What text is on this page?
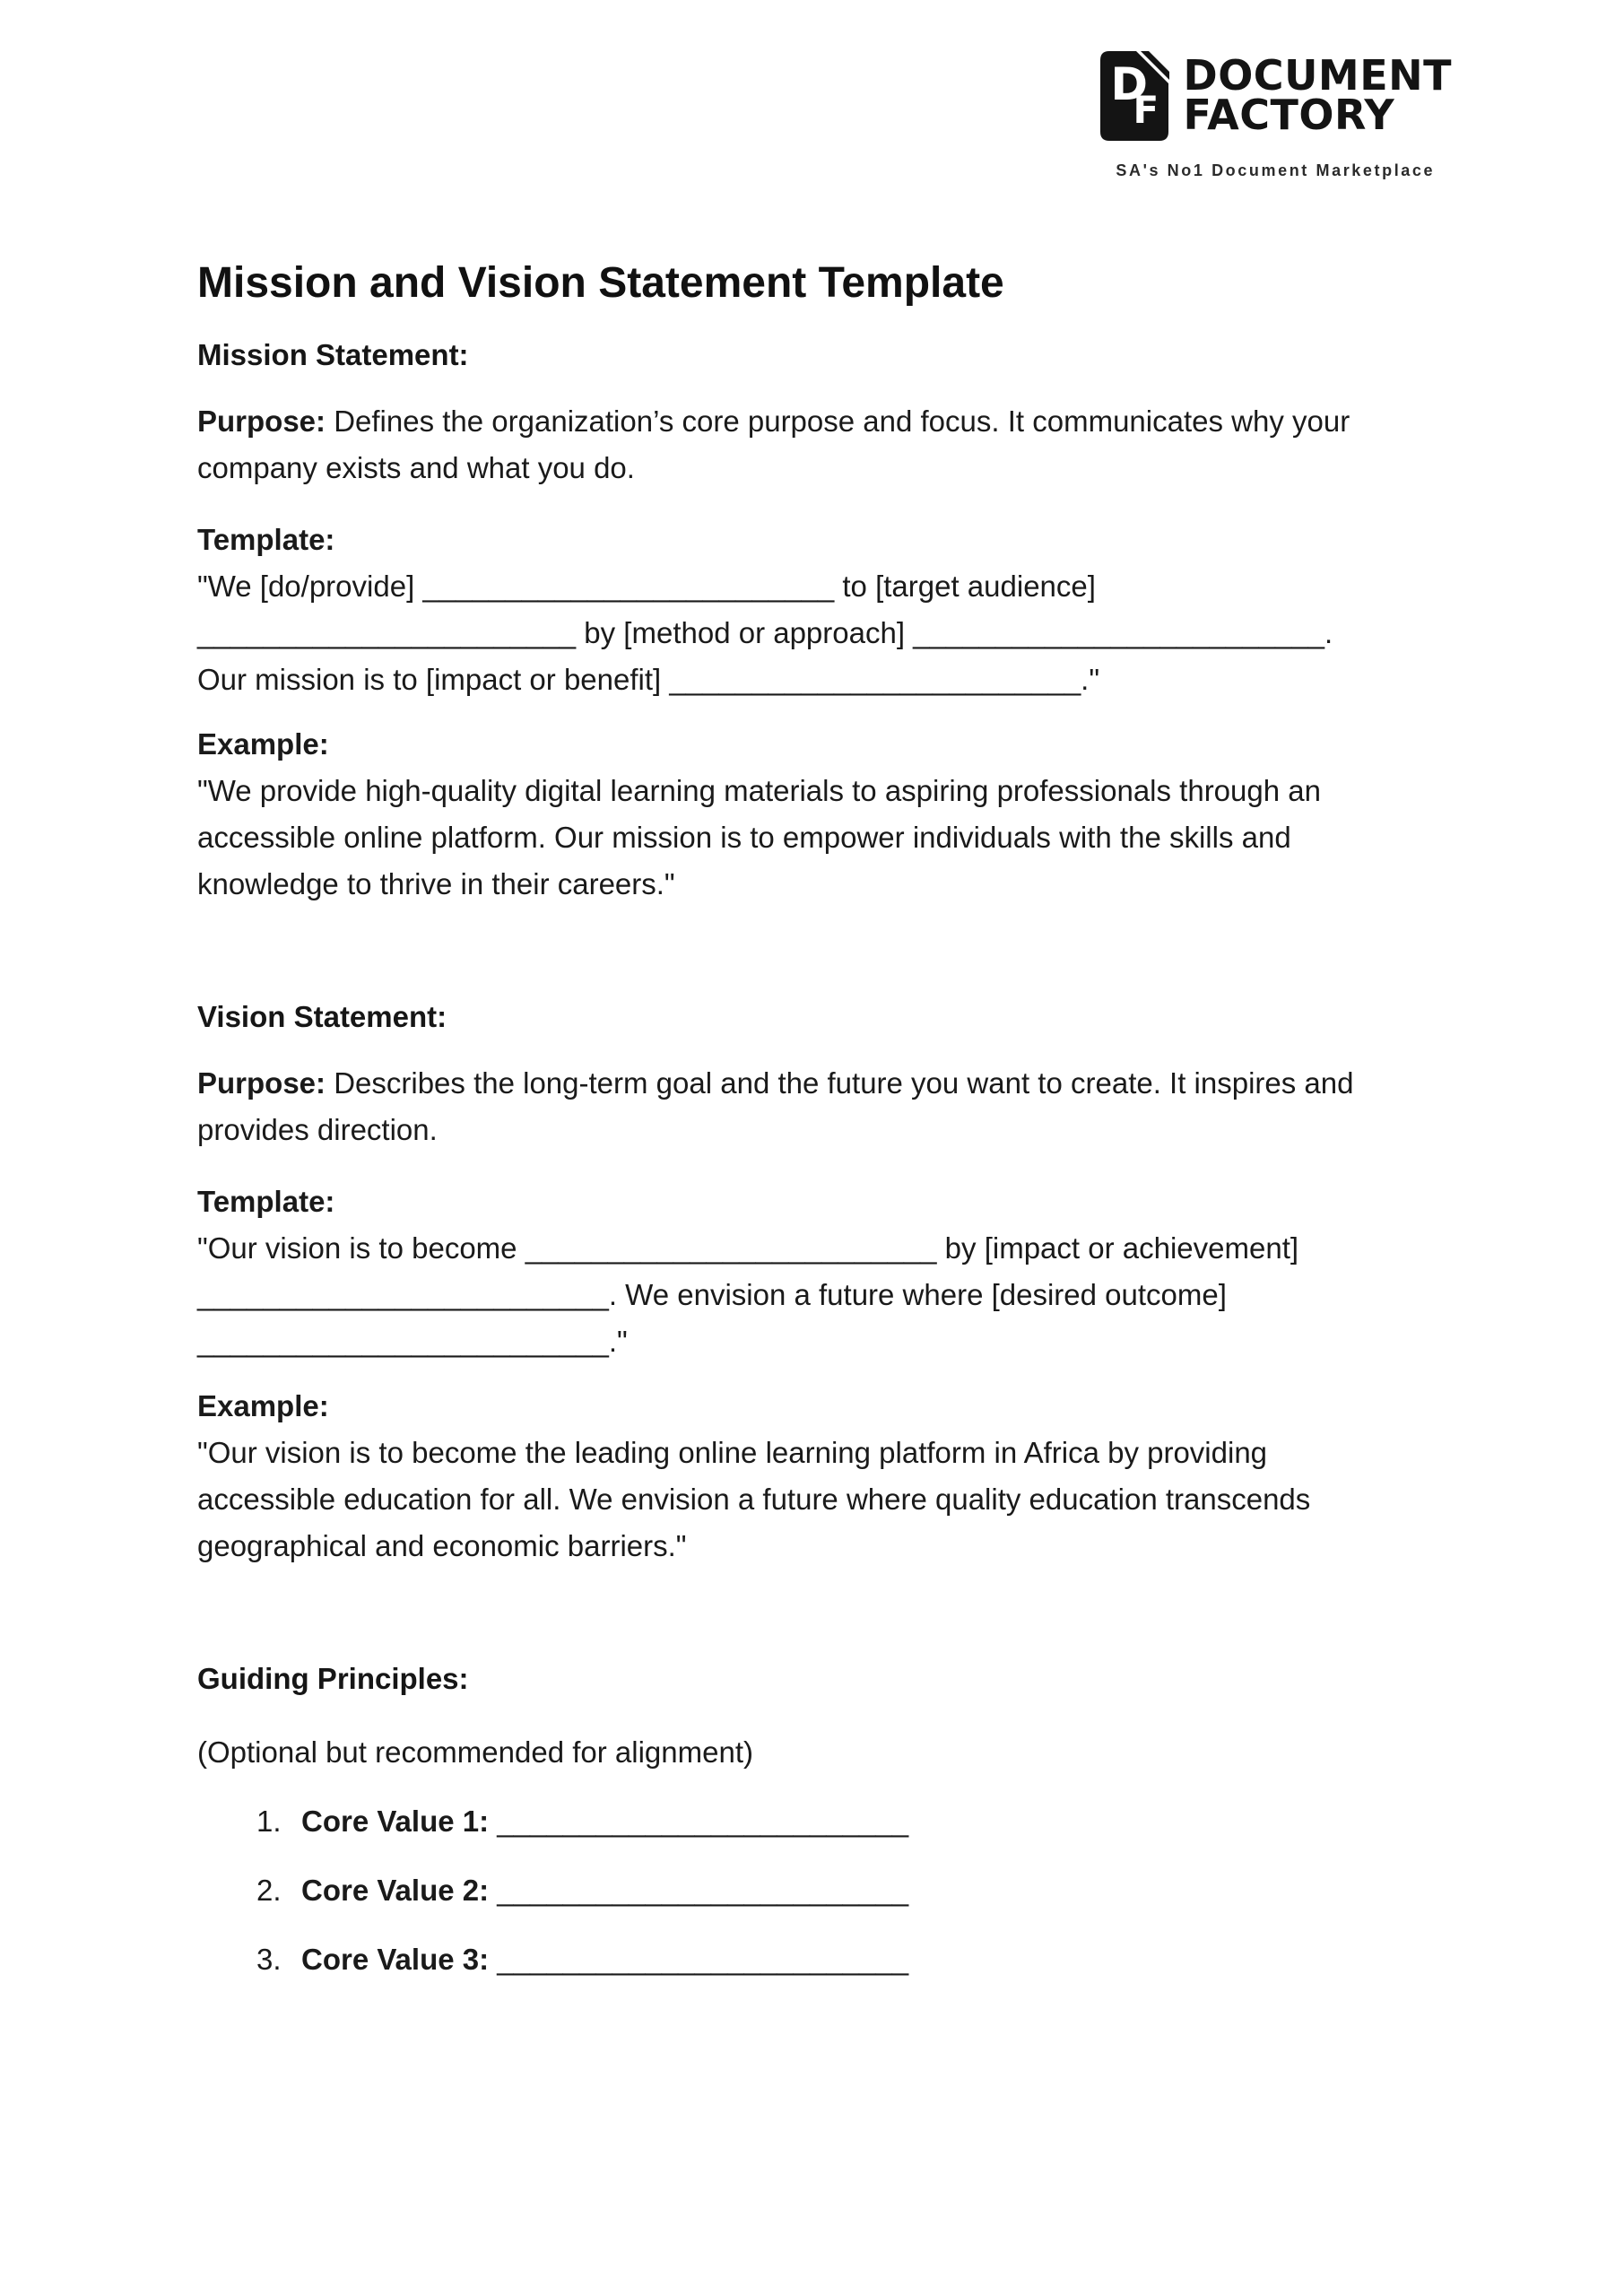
D
F
DOCUMENT
FACTORY
SA's No1 Document Marketplace
Mission and Vision Statement Template
Mission Statement:

Purpose: Defines the organization’s core purpose and focus. It communicates why your
company exists and what you do.

Template:
"We [do/provide] _________________________ to [target audience]
_______________________ by [method or approach] _________________________.
Our mission is to [impact or benefit] _________________________."
Example:
"We provide high-quality digital learning materials to aspiring professionals through an
accessible online platform. Our mission is to empower individuals with the skills and
knowledge to thrive in their careers."
Vision Statement:

Purpose: Describes the long-term goal and the future you want to create. It inspires and
provides direction.

Template:
"Our vision is to become _________________________ by [impact or achievement]
_________________________. We envision a future where [desired outcome]
_________________________."
Example:
"Our vision is to become the leading online learning platform in Africa by providing
accessible education for all. We envision a future where quality education transcends
geographical and economic barriers."
Guiding Principles:

(Optional but recommended for alignment)

1. Core Value 1: _________________________
2. Core Value 2: _________________________
3. Core Value 3: _________________________
